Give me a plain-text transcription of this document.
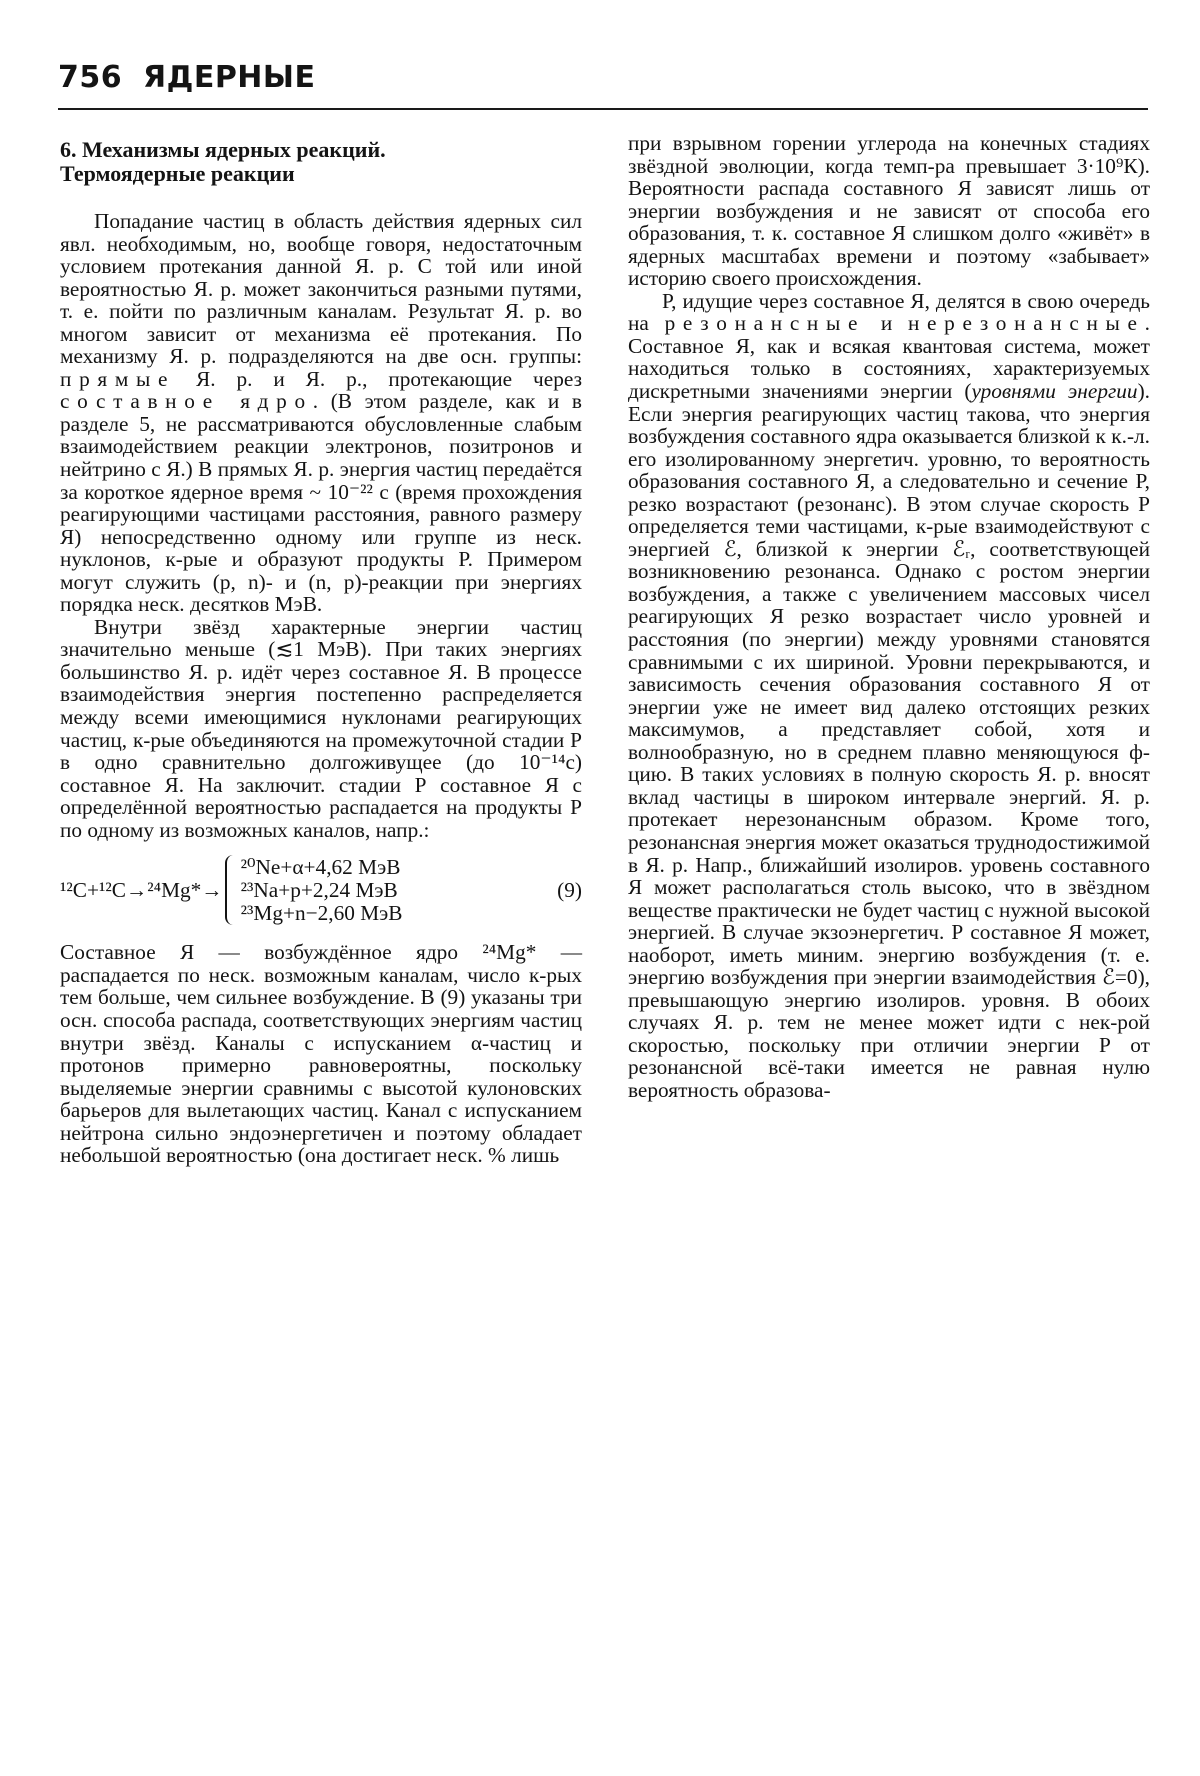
756 ЯДЕРНЫЕ
6. Механизмы ядерных реакций.
Термоядерные реакции

Попадание частиц в область действия ядерных сил явл. необходимым, но, вообще говоря, недостаточным условием протекания данной Я. р. С той или иной вероятностью Я. р. может закончиться разными путями, т. е. пойти по различным каналам. Результат Я. р. во многом зависит от механизма её протекания. По механизму Я. р. подразделяются на две осн. группы: прямые Я. р. и Я. р., протекающие через составное ядро. (В этом разделе, как и в разделе 5, не рассматриваются обусловленные слабым взаимодействием реакции электронов, позитронов и нейтрино с Я.) В прямых Я. р. энергия частиц передаётся за короткое ядерное время ~ 10⁻²² с (время прохождения реагирующими частицами расстояния, равного размеру Я) непосредственно одному или группе из неск. нуклонов, к-рые и образуют продукты Р. Примером могут служить (p, n)- и (n, p)-реакции при энергиях порядка неск. десятков МэВ.

Внутри звёзд характерные энергии частиц значительно меньше (≲1 МэВ). При таких энергиях большинство Я. р. идёт через составное Я. В процессе взаимодействия энергия постепенно распределяется между всеми имеющимися нуклонами реагирующих частиц, к-рые объединяются на промежуточной стадии Р в одно сравнительно долгоживущее (до 10⁻¹⁴с) составное Я. На заключит. стадии Р составное Я с определённой вероятностью распадается на продукты Р по одному из возможных каналов, напр.:

¹²C+¹²C→²⁴Mg*→
²⁰Ne+α+4,62 МэВ
²³Na+p+2,24 МэВ	(9)
²³Mg+n−2,60 МэВ

Составное Я — возбуждённое ядро ²⁴Mg* — распадается по неск. возможным каналам, число к-рых тем больше, чем сильнее возбуждение. В (9) указаны три осн. способа распада, соответствующих энергиям частиц внутри звёзд. Каналы с испусканием α-частиц и протонов примерно равновероятны, поскольку выделяемые энергии сравнимы с высотой кулоновских барьеров для вылетающих частиц. Канал с испусканием нейтрона сильно эндоэнергетичен и поэтому обладает небольшой вероятностью (она достигает неск. % лишь

при взрывном горении углерода на конечных стадиях звёздной эволюции, когда темп-ра превышает 3·10⁹К). Вероятности распада составного Я зависят лишь от энергии возбуждения и не зависят от способа его образования, т. к. составное Я слишком долго «живёт» в ядерных масштабах времени и поэтому «забывает» историю своего происхождения.

Р, идущие через составное Я, делятся в свою очередь на резонансные и нерезонансные. Составное Я, как и всякая квантовая система, может находиться только в состояниях, характеризуемых дискретными значениями энергии (уровнями энергии). Если энергия реагирующих частиц такова, что энергия возбуждения составного ядра оказывается близкой к к.-л. его изолированному энергетич. уровню, то вероятность образования составного Я, а следовательно и сечение Р, резко возрастают (резонанс). В этом случае скорость Р определяется теми частицами, к-рые взаимодействуют с энергией ℰ, близкой к энергии ℰᵣ, соответствующей возникновению резонанса. Однако с ростом энергии возбуждения, а также с увеличением массовых чисел реагирующих Я резко возрастает число уровней и расстояния (по энергии) между уровнями становятся сравнимыми с их шириной. Уровни перекрываются, и зависимость сечения образования составного Я от энергии уже не имеет вид далеко отстоящих резких максимумов, а представляет собой, хотя и волнообразную, но в среднем плавно меняющуюся ф-цию. В таких условиях в полную скорость Я. р. вносят вклад частицы в широком интервале энергий. Я. р. протекает нерезонансным образом. Кроме того, резонансная энергия может оказаться труднодостижимой в Я. р. Напр., ближайший изолиров. уровень составного Я может располагаться столь высоко, что в звёздном веществе практически не будет частиц с нужной высокой энергией. В случае экзоэнергетич. Р составное Я может, наоборот, иметь миним. энергию возбуждения (т. е. энергию возбуждения при энергии взаимодействия ℰ=0), превышающую энергию изолиров. уровня. В обоих случаях Я. р. тем не менее может идти с нек-рой скоростью, поскольку при отличии энергии Р от резонансной всё-таки имеется не равная нулю вероятность образова-
